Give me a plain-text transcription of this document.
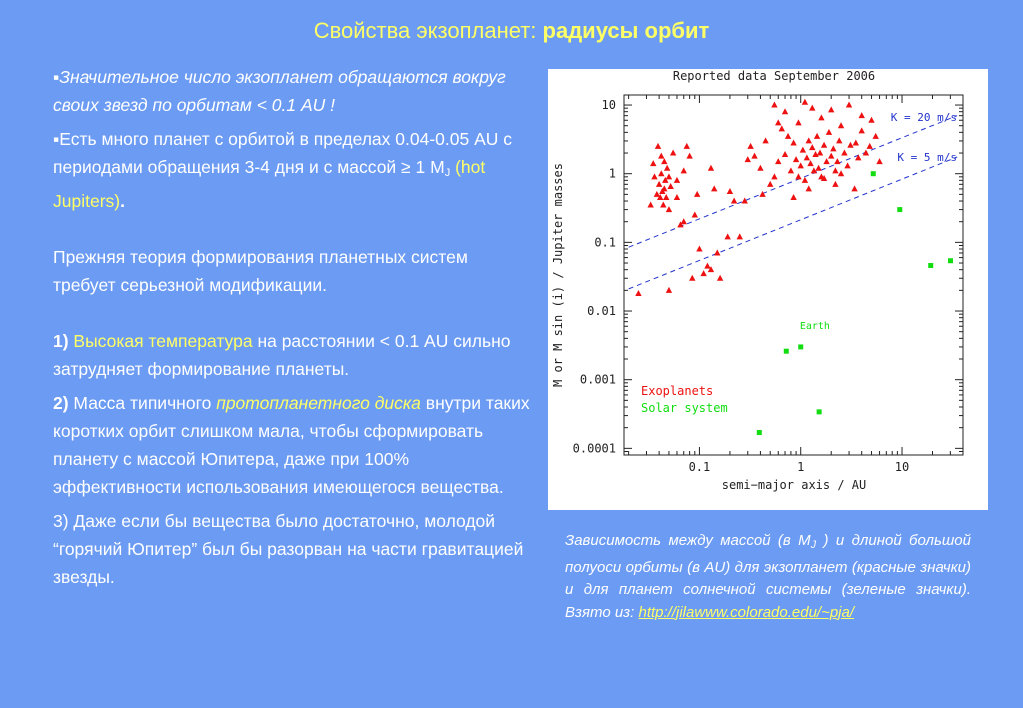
Свойства экзопланет: радиусы орбит

▪Значительное число экзопланет обращаются вокруг своих звезд по орбитам < 0.1 AU !

▪Есть много планет с орбитой в пределах 0.04-0.05 AU с периодами обращения 3-4 дня и с массой ≥ 1 $M_J$ (hot Jupiters).

Прежняя теория формирования планетных систем требует серьезной модификации.

1) Высокая температура на расстоянии < 0.1 AU сильно затрудняет формирование планеты.

2) Масса типичного протопланетного диска внутри таких коротких орбит слишком мала, чтобы сформировать планету с массой Юпитера, даже при 100% эффективности использования имеющегося вещества.

3) Даже если бы вещества было достаточно, молодой “горячий Юпитер” был бы разорван на части гравитацией звезды.

Reported data September 2006
0.1	1	10
10
1
0.1
0.01
0.001
0.0001
K = 20 m/s
K = 5 m/s
Earth
semi−major axis / AU
M or M sin (i) / Jupiter masses
Exoplanets
Solar system
Зависимость между массой (в $M_J$ ) и длиной большой полуоси орбиты (в AU) для экзопланет (красные значки) и для планет солнечной системы (зеленые значки). Взято из: http://jilawww.colorado.edu/~pja/
